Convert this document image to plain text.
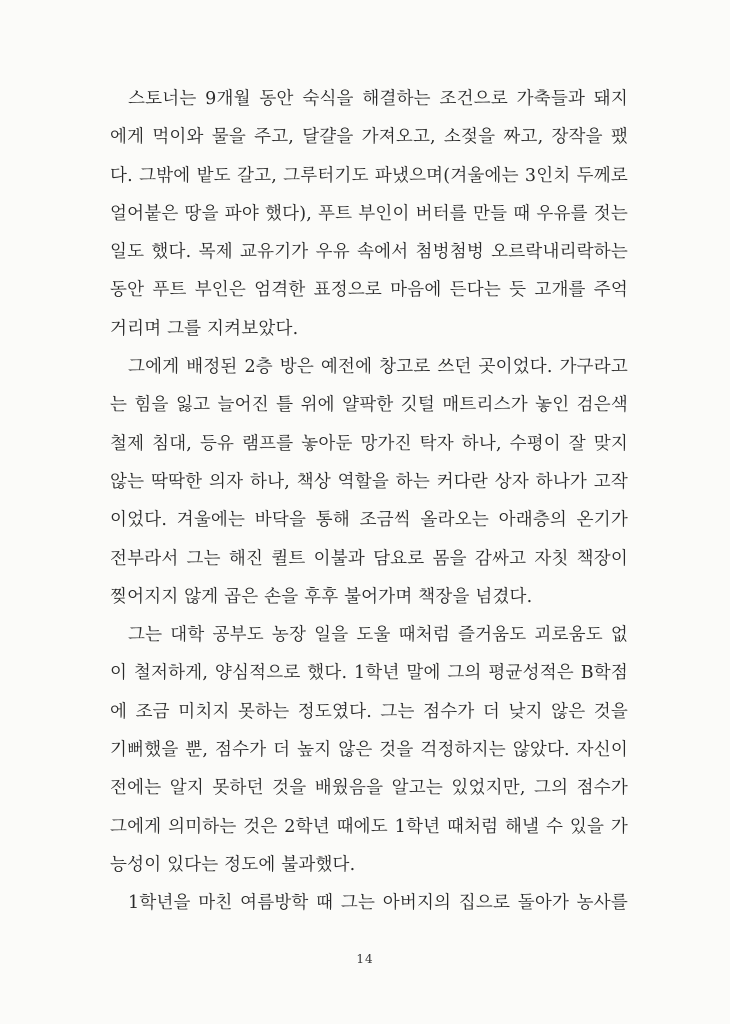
스토너는 9개월 동안 숙식을 해결하는 조건으로 가축들과 돼지
에게 먹이와 물을 주고, 달걀을 가져오고, 소젖을 짜고, 장작을 팼
다. 그밖에 밭도 갈고, 그루터기도 파냈으며(겨울에는 3인치 두께로
얼어붙은 땅을 파야 했다), 푸트 부인이 버터를 만들 때 우유를 젓는
일도 했다. 목제 교유기가 우유 속에서 첨벙첨벙 오르락내리락하는
동안 푸트 부인은 엄격한 표정으로 마음에 든다는 듯 고개를 주억
거리며 그를 지켜보았다.
그에게 배정된 2층 방은 예전에 창고로 쓰던 곳이었다. 가구라고
는 힘을 잃고 늘어진 틀 위에 얄팍한 깃털 매트리스가 놓인 검은색
철제 침대, 등유 램프를 놓아둔 망가진 탁자 하나, 수평이 잘 맞지
않는 딱딱한 의자 하나, 책상 역할을 하는 커다란 상자 하나가 고작
이었다. 겨울에는 바닥을 통해 조금씩 올라오는 아래층의 온기가
전부라서 그는 해진 퀼트 이불과 담요로 몸을 감싸고 자칫 책장이
찢어지지 않게 곱은 손을 후후 불어가며 책장을 넘겼다.
그는 대학 공부도 농장 일을 도울 때처럼 즐거움도 괴로움도 없
이 철저하게, 양심적으로 했다. 1학년 말에 그의 평균성적은 B학점
에 조금 미치지 못하는 정도였다. 그는 점수가 더 낮지 않은 것을
기뻐했을 뿐, 점수가 더 높지 않은 것을 걱정하지는 않았다. 자신이
전에는 알지 못하던 것을 배웠음을 알고는 있었지만, 그의 점수가
그에게 의미하는 것은 2학년 때에도 1학년 때처럼 해낼 수 있을 가
능성이 있다는 정도에 불과했다.
1학년을 마친 여름방학 때 그는 아버지의 집으로 돌아가 농사를
14
